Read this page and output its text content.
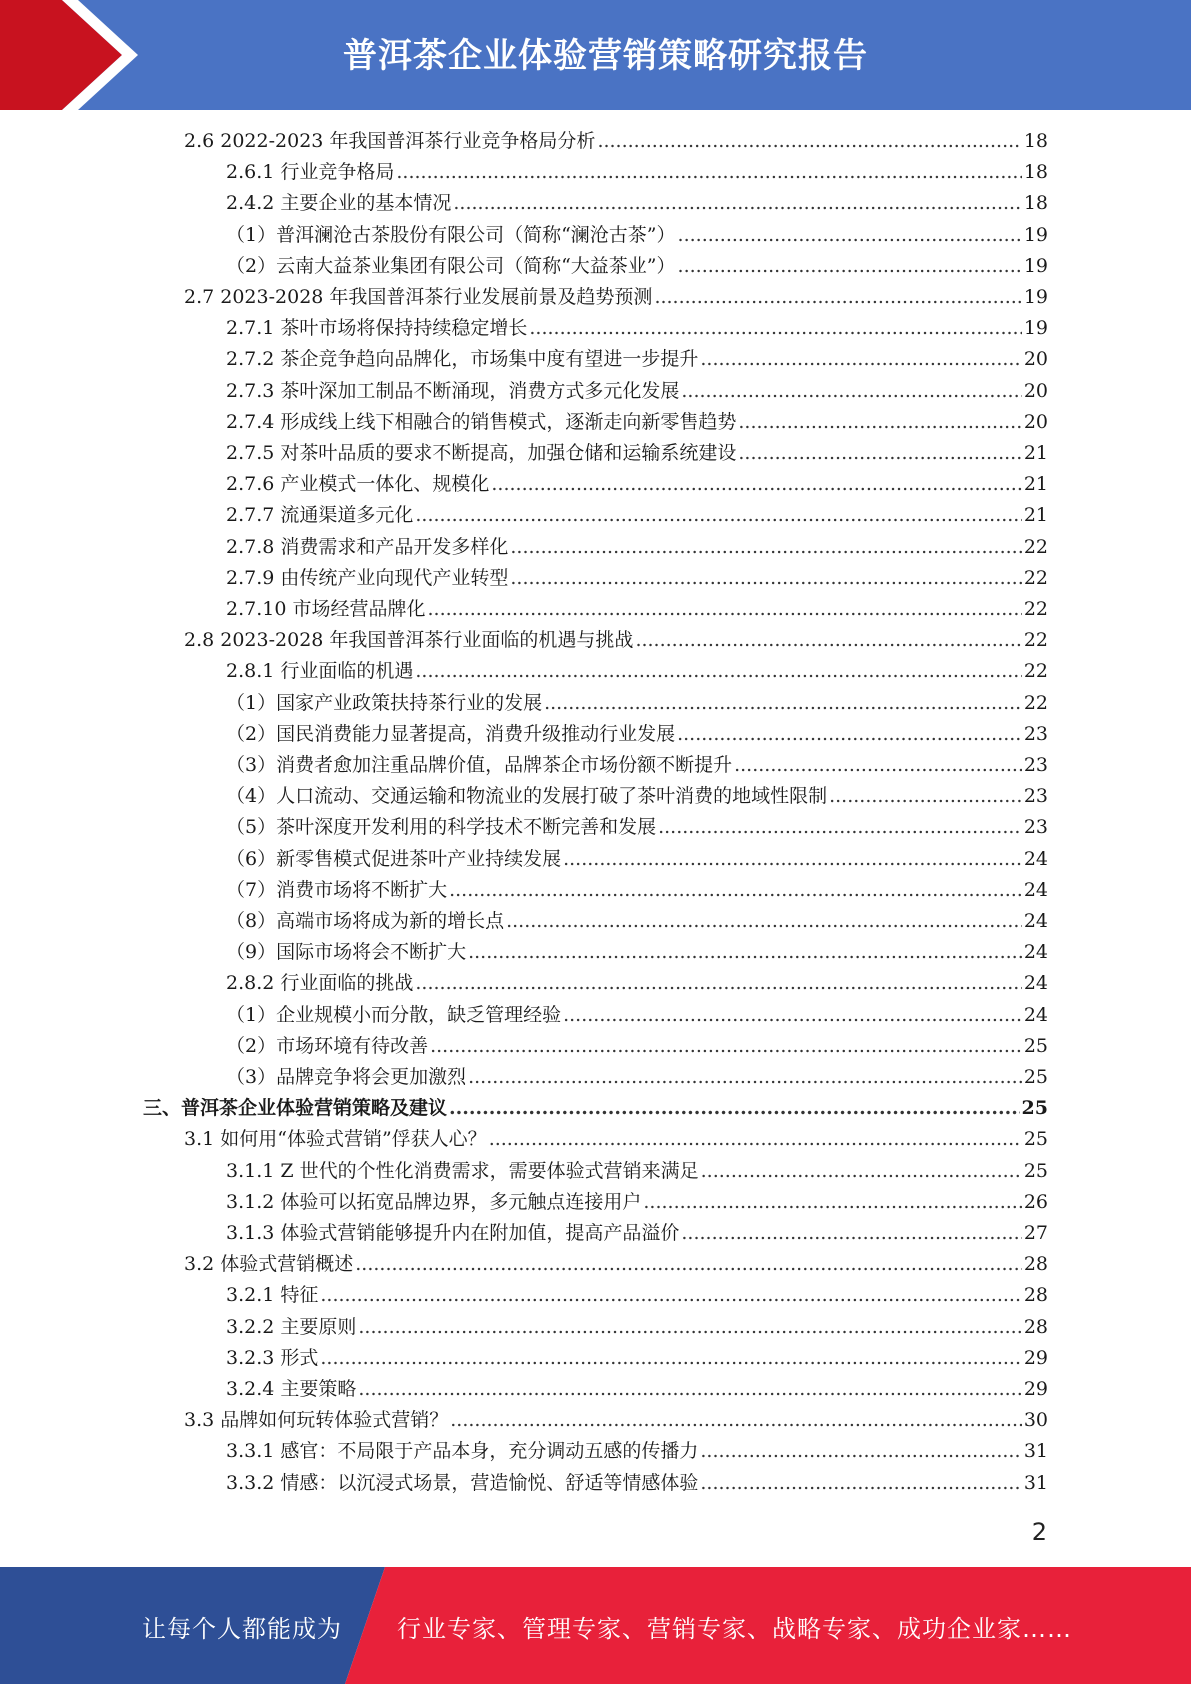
普洱茶企业体验营销策略研究报告
2.6 2022-2023 年我国普洱茶行业竞争格局分析 .....	18
2.6.1 行业竞争格局 .....	18
2.4.2 主要企业的基本情况 .....	18
（1）普洱澜沧古茶股份有限公司（简称“澜沧古茶”） .....	19
（2）云南大益茶业集团有限公司（简称“大益茶业”） .....	19
2.7 2023-2028 年我国普洱茶行业发展前景及趋势预测 .....	19
2.7.1 茶叶市场将保持持续稳定增长 .....	19
2.7.2 茶企竞争趋向品牌化，市场集中度有望进一步提升 .....	20
2.7.3 茶叶深加工制品不断涌现，消费方式多元化发展 .....	20
2.7.4 形成线上线下相融合的销售模式，逐渐走向新零售趋势 .....	20
2.7.5 对茶叶品质的要求不断提高，加强仓储和运输系统建设 .....	21
2.7.6 产业模式一体化、规模化 .....	21
2.7.7 流通渠道多元化 .....	21
2.7.8 消费需求和产品开发多样化 .....	22
2.7.9 由传统产业向现代产业转型 .....	22
2.7.10 市场经营品牌化 .....	22
2.8 2023-2028 年我国普洱茶行业面临的机遇与挑战 .....	22
2.8.1 行业面临的机遇 .....	22
（1）国家产业政策扶持茶行业的发展 .....	22
（2）国民消费能力显著提高，消费升级推动行业发展 .....	23
（3）消费者愈加注重品牌价值，品牌茶企市场份额不断提升 .....	23
（4）人口流动、交通运输和物流业的发展打破了茶叶消费的地域性限制 .....	23
（5）茶叶深度开发利用的科学技术不断完善和发展 .....	23
（6）新零售模式促进茶叶产业持续发展 .....	24
（7）消费市场将不断扩大 .....	24
（8）高端市场将成为新的增长点 .....	24
（9）国际市场将会不断扩大 .....	24
2.8.2 行业面临的挑战 .....	24
（1）企业规模小而分散，缺乏管理经验 .....	24
（2）市场环境有待改善 .....	25
（3）品牌竞争将会更加激烈 .....	25
三、普洱茶企业体验营销策略及建议 .....	25
3.1 如何用“体验式营销”俘获人心？ .....	25
3.1.1 Z 世代的个性化消费需求，需要体验式营销来满足 .....	25
3.1.2 体验可以拓宽品牌边界，多元触点连接用户 .....	26
3.1.3 体验式营销能够提升内在附加值，提高产品溢价 .....	27
3.2 体验式营销概述 .....	28
3.2.1 特征 .....	28
3.2.2 主要原则 .....	28
3.2.3 形式 .....	29
3.2.4 主要策略 .....	29
3.3 品牌如何玩转体验式营销？ .....	30
3.3.1 感官：不局限于产品本身，充分调动五感的传播力 .....	31
3.3.2 情感：以沉浸式场景，营造愉悦、舒适等情感体验 .....	31
2
让每个人都能成为 行业专家、管理专家、营销专家、战略专家、成功企业家……
